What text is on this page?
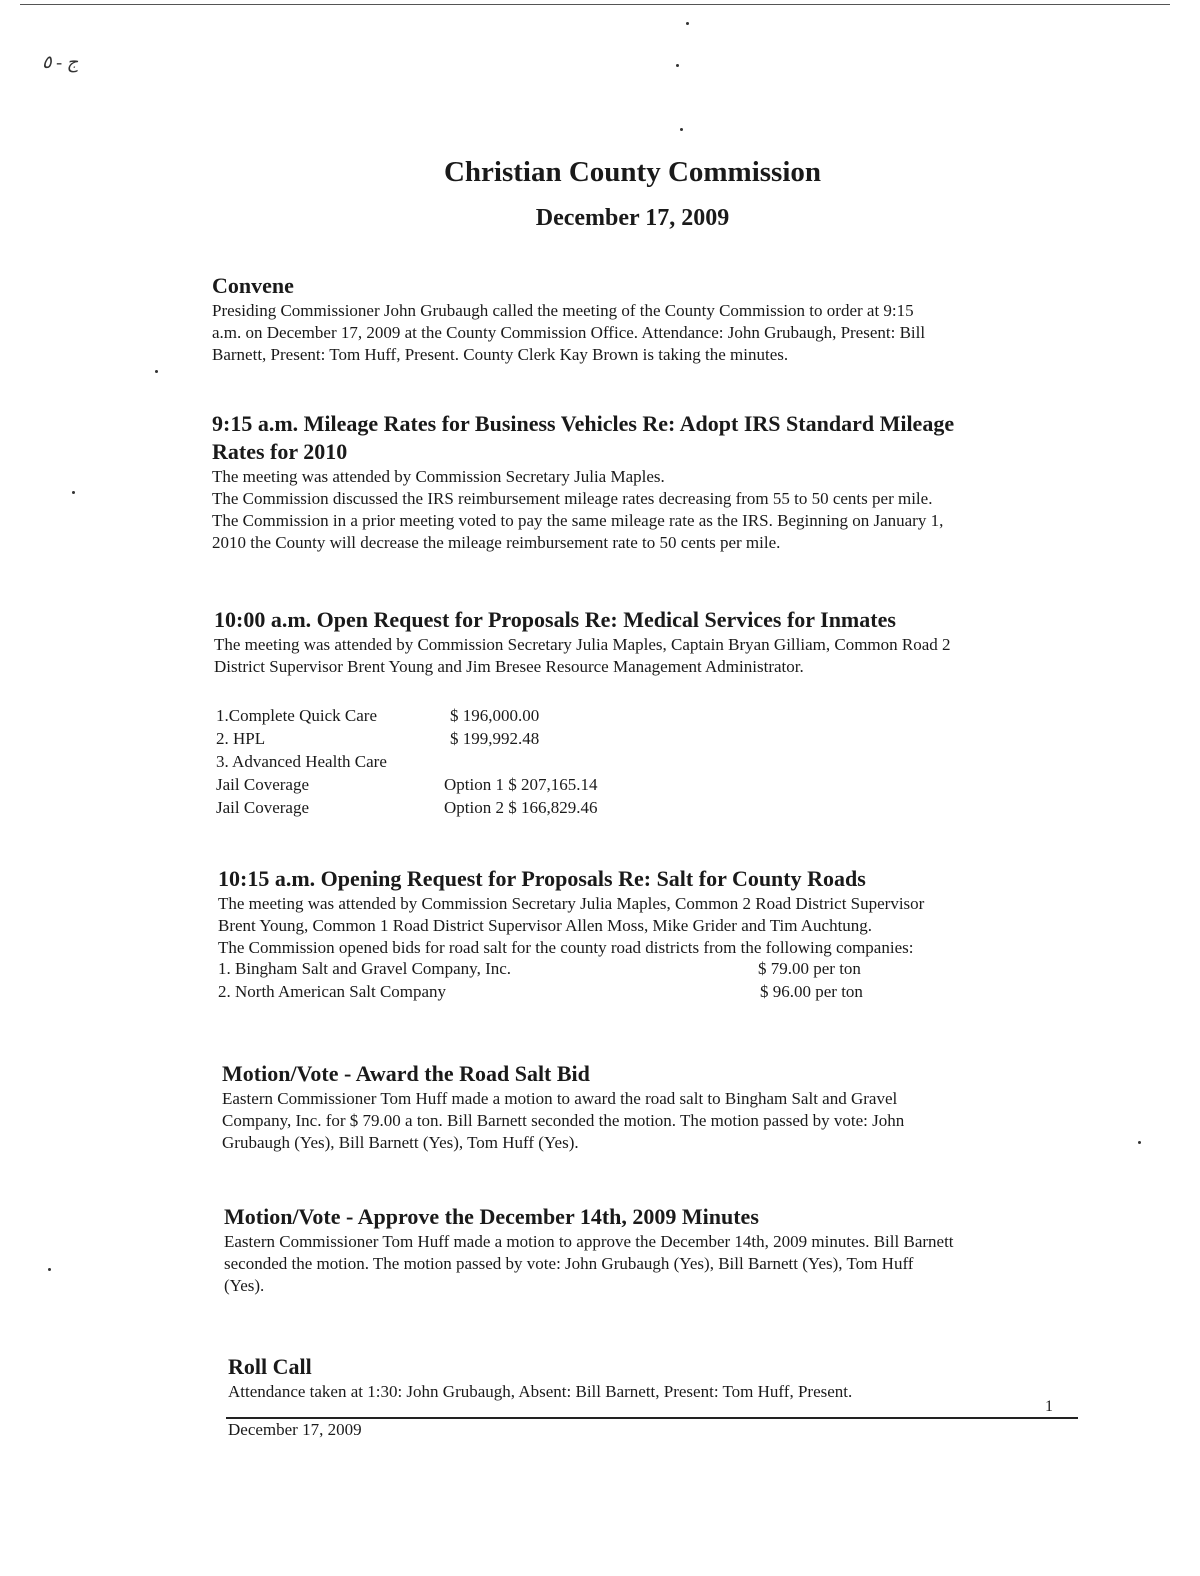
ج - ٥
Christian County Commission
December 17, 2009
Convene
Presiding Commissioner John Grubaugh called the meeting of the County Commission to order at 9:15
a.m. on December 17, 2009 at the County Commission Office. Attendance: John Grubaugh, Present: Bill
Barnett, Present: Tom Huff, Present. County Clerk Kay Brown is taking the minutes.
9:15 a.m. Mileage Rates for Business Vehicles Re: Adopt IRS Standard Mileage
Rates for 2010
The meeting was attended by Commission Secretary Julia Maples.
The Commission discussed the IRS reimbursement mileage rates decreasing from 55 to 50 cents per mile.
The Commission in a prior meeting voted to pay the same mileage rate as the IRS. Beginning on January 1,
2010 the County will decrease the mileage reimbursement rate to 50 cents per mile.
10:00 a.m. Open Request for Proposals Re: Medical Services for Inmates
The meeting was attended by Commission Secretary Julia Maples, Captain Bryan Gilliam, Common Road 2
District Supervisor Brent Young and Jim Bresee Resource Management Administrator.
1.Complete Quick Care	$ 196,000.00
2. HPL	$ 199,992.48
3. Advanced Health Care
Jail Coverage	Option 1 $ 207,165.14
Jail Coverage	Option 2 $ 166,829.46
10:15 a.m. Opening Request for Proposals Re: Salt for County Roads
The meeting was attended by Commission Secretary Julia Maples, Common 2 Road District Supervisor
Brent Young, Common 1 Road District Supervisor Allen Moss, Mike Grider and Tim Auchtung.
The Commission opened bids for road salt for the county road districts from the following companies:
1. Bingham Salt and Gravel Company, Inc.	$ 79.00 per ton
2. North American Salt Company	$ 96.00 per ton
Motion/Vote - Award the Road Salt Bid
Eastern Commissioner Tom Huff made a motion to award the road salt to Bingham Salt and Gravel
Company, Inc. for $ 79.00 a ton. Bill Barnett seconded the motion. The motion passed by vote: John
Grubaugh (Yes), Bill Barnett (Yes), Tom Huff (Yes).
Motion/Vote - Approve the December 14th, 2009 Minutes
Eastern Commissioner Tom Huff made a motion to approve the December 14th, 2009 minutes. Bill Barnett
seconded the motion. The motion passed by vote: John Grubaugh (Yes), Bill Barnett (Yes), Tom Huff
(Yes).
Roll Call
Attendance taken at 1:30: John Grubaugh, Absent: Bill Barnett, Present: Tom Huff, Present.
December 17, 2009
1
